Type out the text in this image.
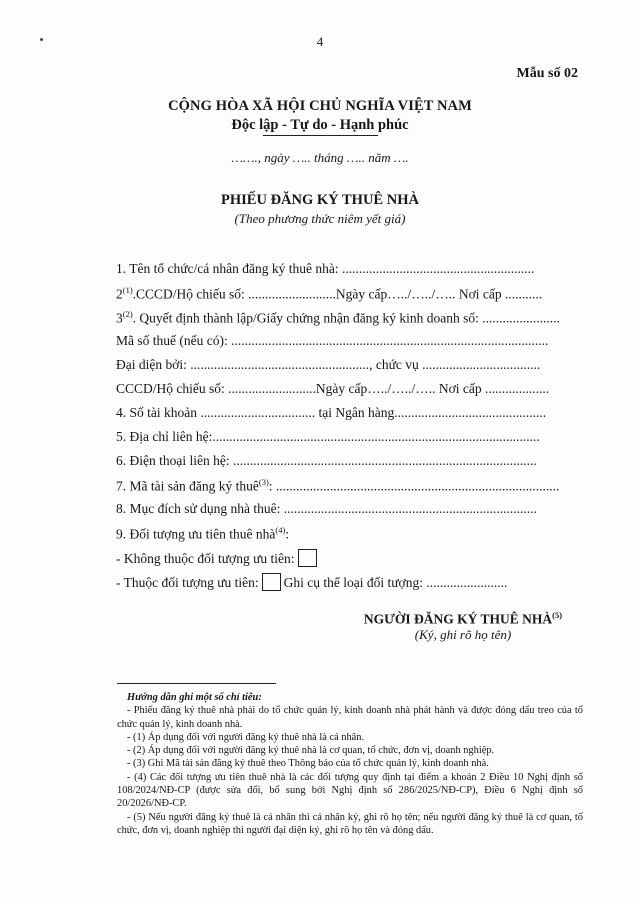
4
Mẫu số 02
CỘNG HÒA XÃ HỘI CHỦ NGHĨA VIỆT NAM
Độc lập - Tự do - Hạnh phúc
……., ngày ….. tháng ….. năm ….
PHIẾU ĐĂNG KÝ THUÊ NHÀ
(Theo phương thức niêm yết giá)
1. Tên tổ chức/cá nhân đăng ký thuê nhà: .........................................................
2$^{(1)}$.CCCD/Hộ chiếu số: ..........................Ngày cấp…../…../….. Nơi cấp ...........
3$^{(2)}$. Quyết định thành lập/Giấy chứng nhận đăng ký kinh doanh số: .......................
Mã số thuế (nếu có): ..............................................................................................
Đại diện bởi: ....................................................., chức vụ ...................................
CCCD/Hộ chiếu số: ..........................Ngày cấp…../…../….. Nơi cấp ...................
4. Số tài khoản .................................. tại Ngân hàng.............................................
5. Địa chỉ liên hệ:.................................................................................................
6. Điện thoại liên hệ: ..........................................................................................
7. Mã tài sản đăng ký thuê$^{(3)}$: ....................................................................................
8. Mục đích sử dụng nhà thuê: ...........................................................................
9. Đối tượng ưu tiên thuê nhà$^{(4)}$:
- Không thuộc đối tượng ưu tiên:
- Thuộc đối tượng ưu tiên: Ghi cụ thể loại đối tượng: ........................
NGƯỜI ĐĂNG KÝ THUÊ NHÀ$^{(5)}$
(Ký, ghi rõ họ tên)
Hướng dẫn ghi một số chỉ tiêu:

- Phiếu đăng ký thuê nhà phải do tổ chức quản lý, kinh doanh nhà phát hành và được đóng dấu treo của tổ chức quản lý, kinh doanh nhà.

- (1) Áp dụng đối với người đăng ký thuê nhà là cá nhân.

- (2) Áp dụng đối với người đăng ký thuê nhà là cơ quan, tổ chức, đơn vị, doanh nghiệp.

- (3) Ghi Mã tài sản đăng ký thuê theo Thông báo của tổ chức quản lý, kinh doanh nhà.

- (4) Các đối tượng ưu tiên thuê nhà là các đối tượng quy định tại điểm a khoản 2 Điều 10 Nghị định số 108/2024/NĐ-CP (được sửa đổi, bổ sung bởi Nghị định số 286/2025/NĐ-CP), Điều 6 Nghị định số 20/2026/NĐ-CP.

- (5) Nếu người đăng ký thuê là cá nhân thì cá nhân ký, ghi rõ họ tên; nếu người đăng ký thuê là cơ quan, tổ chức, đơn vị, doanh nghiệp thì người đại diện ký, ghi rõ họ tên và đóng dấu.
